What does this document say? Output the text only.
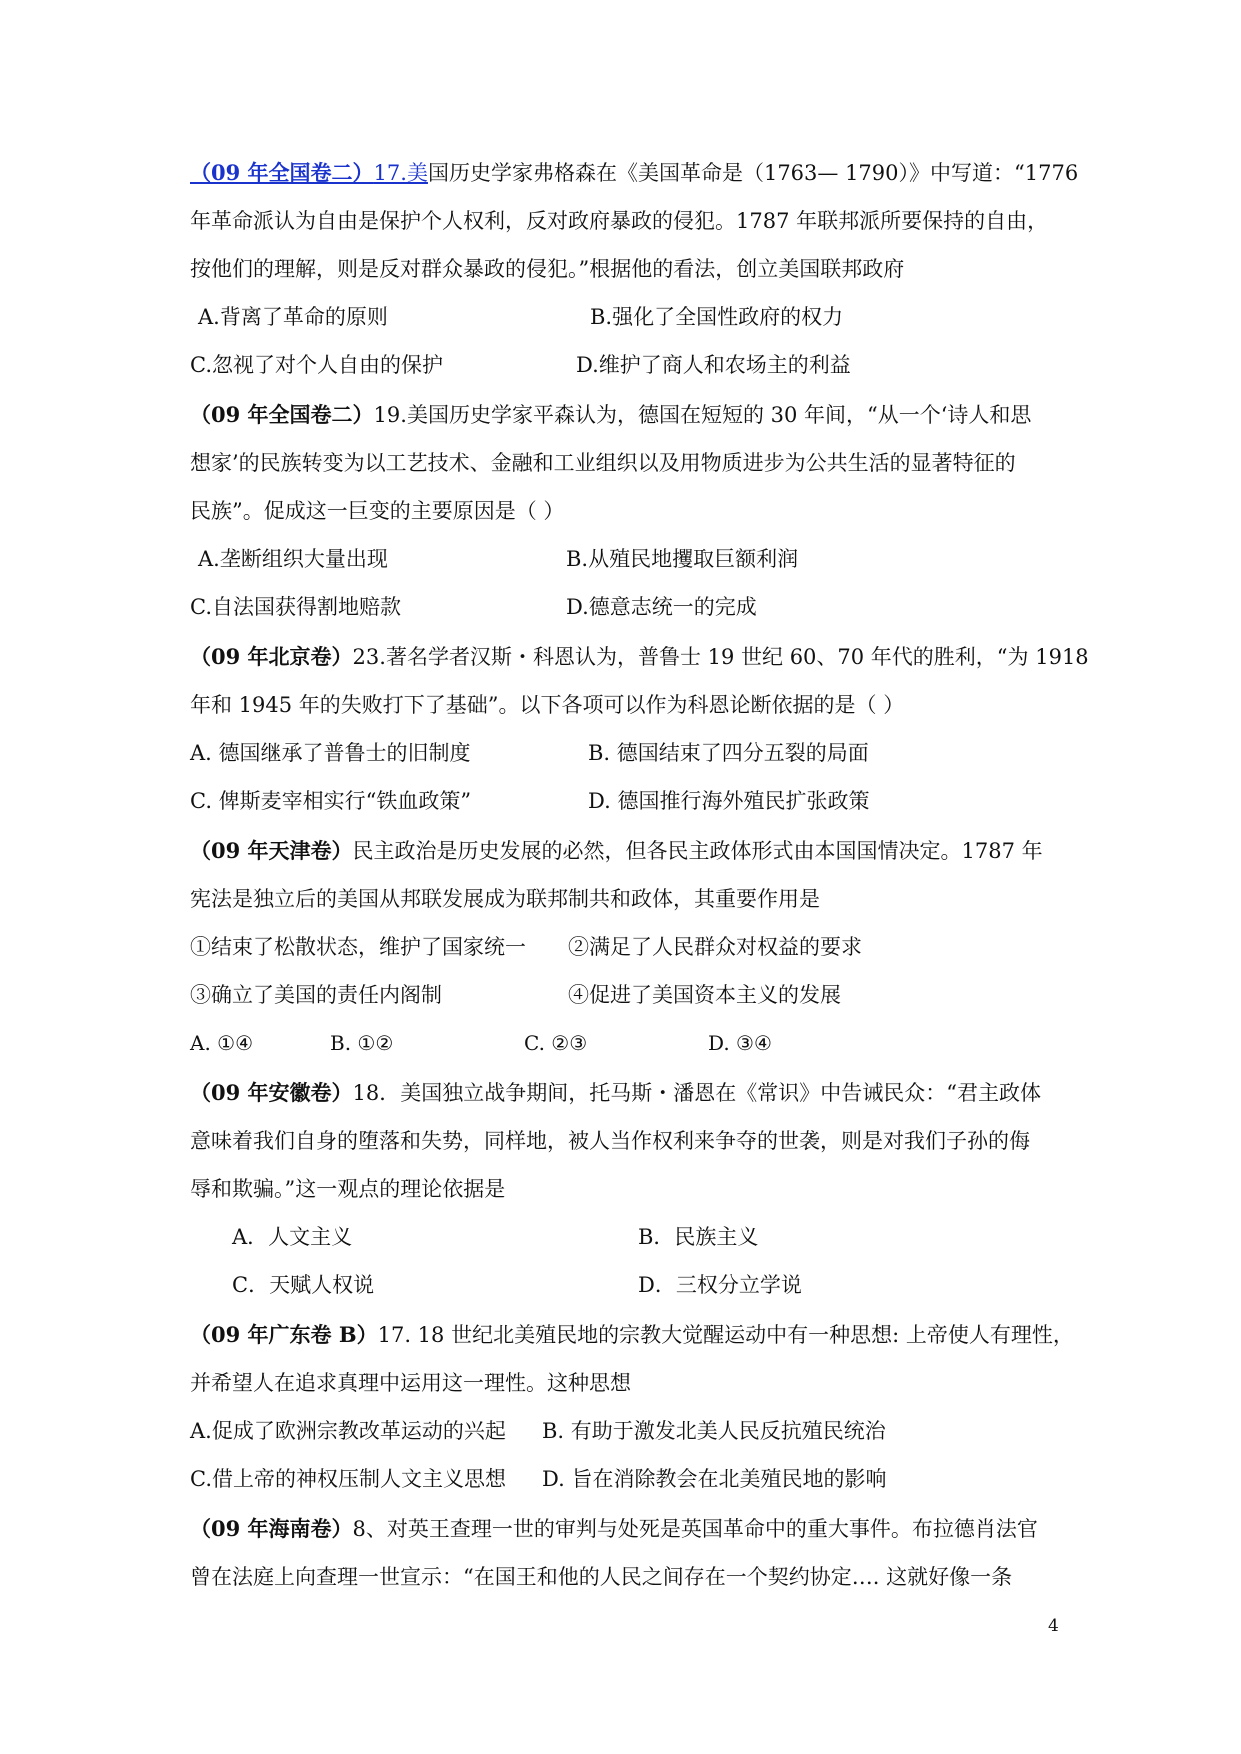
（09 年全国卷二）17.美国历史学家弗格森在《美国革命是（1763— 1790）》中写道：“1776
年革命派认为自由是保护个人权利，反对政府暴政的侵犯。1787 年联邦派所要保持的自由，
按他们的理解，则是反对群众暴政的侵犯。”根据他的看法，创立美国联邦政府
A.背离了革命的原则	B.强化了全国性政府的权力
C.忽视了对个人自由的保护	D.维护了商人和农场主的利益
（09 年全国卷二）19.美国历史学家平森认为，德国在短短的 30 年间，“从一个‘诗人和思
想家’的民族转变为以工艺技术、金融和工业组织以及用物质进步为公共生活的显著特征的
民族”。促成这一巨变的主要原因是（ ）
A.垄断组织大量出现	B.从殖民地攫取巨额利润
C.自法国获得割地赔款	D.德意志统一的完成
（09 年北京卷）23.著名学者汉斯・科恩认为，普鲁士 19 世纪 60、70 年代的胜利，“为 1918
年和 1945 年的失败打下了基础”。以下各项可以作为科恩论断依据的是（ ）
A. 德国继承了普鲁士的旧制度	B. 德国结束了四分五裂的局面
C. 俾斯麦宰相实行“铁血政策”	D. 德国推行海外殖民扩张政策
（09 年天津卷）民主政治是历史发展的必然，但各民主政体形式由本国国情决定。1787 年
宪法是独立后的美国从邦联发展成为联邦制共和政体，其重要作用是
①结束了松散状态，维护了国家统一 ②满足了人民群众对权益的要求
③确立了美国的责任内阁制	④促进了美国资本主义的发展
A. ①④	B. ①②	C. ②③	D. ③④
（09 年安徽卷）18．美国独立战争期间，托马斯・潘恩在《常识》中告诫民众：“君主政体
意味着我们自身的堕落和失势，同样地，被人当作权利来争夺的世袭，则是对我们子孙的侮
辱和欺骗。”这一观点的理论依据是
A．人文主义	B．民族主义
C．天赋人权说	D．三权分立学说
（09 年广东卷 B）17. 18 世纪北美殖民地的宗教大觉醒运动中有一种思想: 上帝使人有理性，
并希望人在追求真理中运用这一理性。这种思想
A.促成了欧洲宗教改革运动的兴起 B. 有助于激发北美人民反抗殖民统治
C.借上帝的神权压制人文主义思想 D. 旨在消除教会在北美殖民地的影响
（09 年海南卷）8、对英王查理一世的审判与处死是英国革命中的重大事件。布拉德肖法官
曾在法庭上向查理一世宣示：“在国王和他的人民之间存在一个契约协定…. 这就好像一条
4
